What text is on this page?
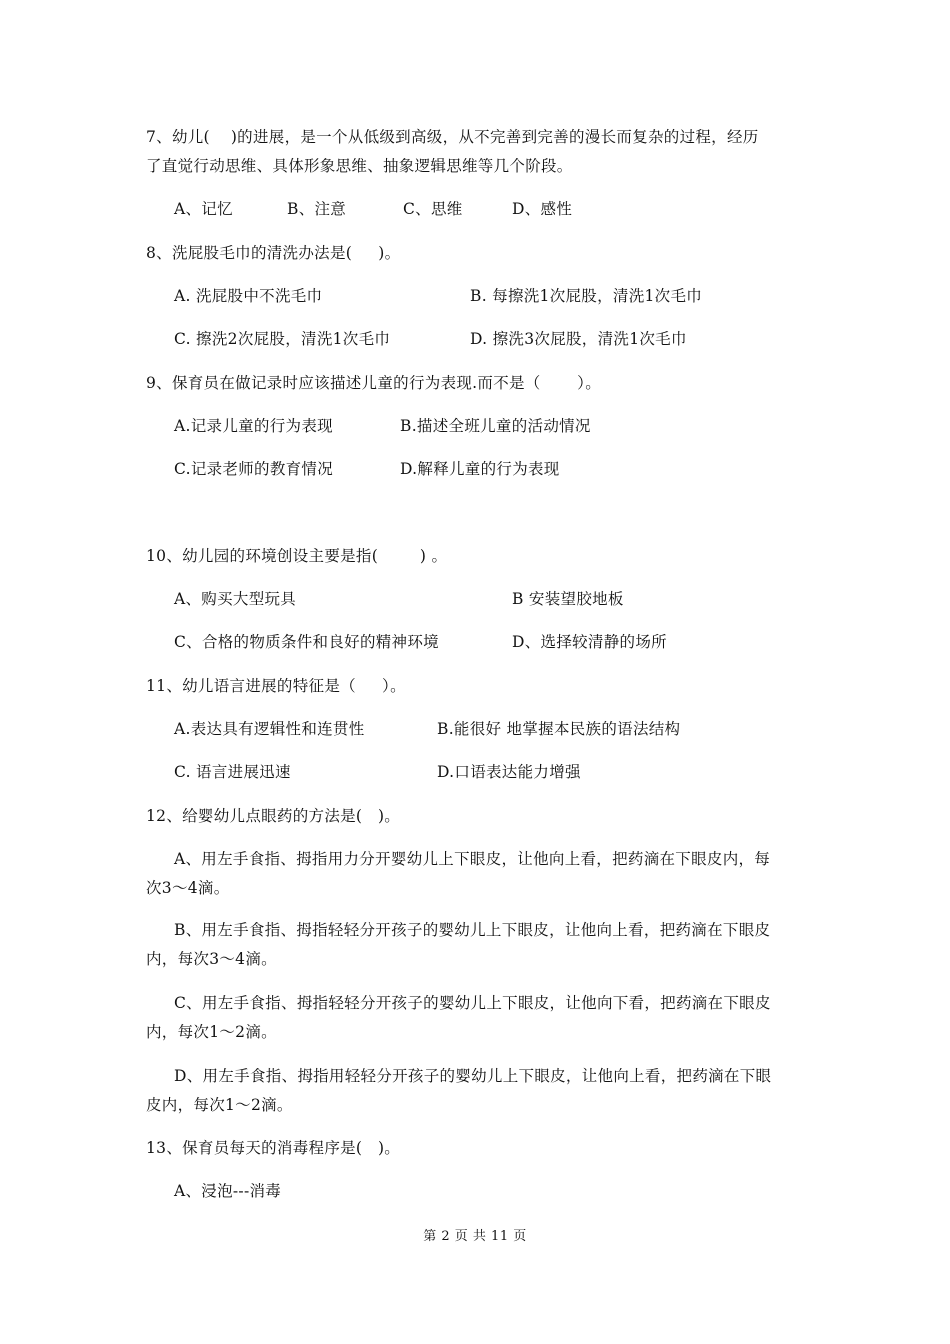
7、幼儿(    )的进展，是一个从低级到高级，从不完善到完善的漫长而复杂的过程，经历
了直觉行动思维、具体形象思维、抽象逻辑思维等几个阶段。
A、记忆	B、注意	C、思维	D、感性
8、洗屁股毛巾的清洗办法是(     )。
A. 洗屁股中不洗毛巾	B. 每擦洗1次屁股，清洗1次毛巾
C. 擦洗2次屁股，清洗1次毛巾	D. 擦洗3次屁股，清洗1次毛巾
9、保育员在做记录时应该描述儿童的行为表现.而不是（       ）。
A.记录儿童的行为表现	B.描述全班儿童的活动情况
C.记录老师的教育情况	D.解释儿童的行为表现
10、幼儿园的环境创设主要是指(        ) 。
A、购买大型玩具	B 安装望胶地板
C、合格的物质条件和良好的精神环境	D、选择较清静的场所
11、幼儿语言进展的特征是（     ）。
A.表达具有逻辑性和连贯性	B.能很好 地掌握本民族的语法结构
C. 语言进展迅速	D.口语表达能力增强
12、给婴幼儿点眼药的方法是(   )。
A、用左手食指、拇指用力分开婴幼儿上下眼皮，让他向上看，把药滴在下眼皮内，每
次3～4滴。
B、用左手食指、拇指轻轻分开孩子的婴幼儿上下眼皮，让他向上看，把药滴在下眼皮
内，每次3～4滴。
C、用左手食指、拇指轻轻分开孩子的婴幼儿上下眼皮，让他向下看，把药滴在下眼皮
内，每次1～2滴。
D、用左手食指、拇指用轻轻分开孩子的婴幼儿上下眼皮，让他向上看，把药滴在下眼
皮内，每次1～2滴。
13、保育员每天的消毒程序是(   )。
A、浸泡---消毒
第 2 页 共 11 页
